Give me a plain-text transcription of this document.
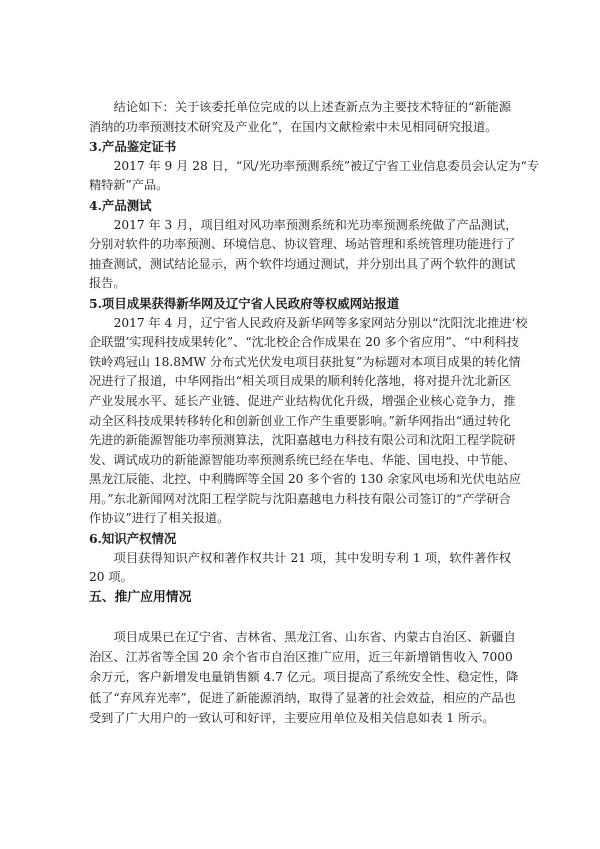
结论如下：关于该委托单位完成的以上述查新点为主要技术特征的“新能源
消纳的功率预测技术研究及产业化”，在国内文献检索中未见相同研究报道。
3.产品鉴定证书
2017 年 9 月 28 日，“风/光功率预测系统”被辽宁省工业信息委员会认定为“专
精特新”产品。
4.产品测试
2017 年 3 月，项目组对风功率预测系统和光功率预测系统做了产品测试，
分别对软件的功率预测、环境信息、协议管理、场站管理和系统管理功能进行了
抽查测试，测试结论显示，两个软件均通过测试，并分别出具了两个软件的测试
报告。
5.项目成果获得新华网及辽宁省人民政府等权威网站报道
2017 年 4 月，辽宁省人民政府及新华网等多家网站分别以“沈阳沈北推进‘校
企联盟’实现科技成果转化”、“沈北校企合作成果在 20 多个省应用”、“中利科技
铁岭鸡冠山 18.8MW 分布式光伏发电项目获批复”为标题对本项目成果的转化情
况进行了报道，中华网指出“相关项目成果的顺利转化落地，将对提升沈北新区
产业发展水平、延长产业链、促进产业结构优化升级，增强企业核心竞争力，推
动全区科技成果转移转化和创新创业工作产生重要影响。”新华网指出“通过转化
先进的新能源智能功率预测算法，沈阳嘉越电力科技有限公司和沈阳工程学院研
发、调试成功的新能源智能功率预测系统已经在华电、华能、国电投、中节能、
黑龙江辰能、北控、中利腾晖等全国 20 多个省的 130 余家风电场和光伏电站应
用。”东北新闻网对沈阳工程学院与沈阳嘉越电力科技有限公司签订的“产学研合
作协议”进行了相关报道。
6.知识产权情况
项目获得知识产权和著作权共计 21 项，其中发明专利 1 项，软件著作权
20 项。
五、推广应用情况
项目成果已在辽宁省、吉林省、黑龙江省、山东省、内蒙古自治区、新疆自
治区、江苏省等全国 20 余个省市自治区推广应用，近三年新增销售收入 7000
余万元，客户新增发电量销售额 4.7 亿元。项目提高了系统安全性、稳定性，降
低了“弃风弃光率”，促进了新能源消纳，取得了显著的社会效益，相应的产品也
受到了广大用户的一致认可和好评，主要应用单位及相关信息如表 1 所示。
